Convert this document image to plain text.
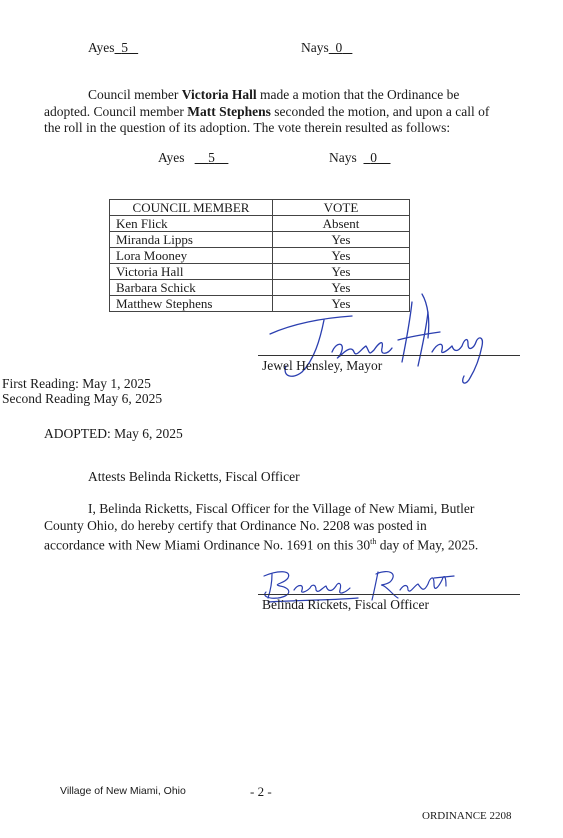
Ayes 5	Nays 0
Council member Victoria Hall made a motion that the Ordinance be
adopted. Council member Matt Stephens seconded the motion, and upon a call of
the roll in the question of its adoption. The vote therein resulted as follows:
Ayes 5	Nays 0
COUNCIL MEMBER	VOTE
Ken Flick	Absent
Miranda Lipps	Yes
Lora Mooney	Yes
Victoria Hall	Yes
Barbara Schick	Yes
Matthew Stephens	Yes
Jewel Hensley
Jewel Hensley, Mayor
First Reading: May 1, 2025
Second Reading May 6, 2025
ADOPTED: May 6, 2025
Attests Belinda Ricketts, Fiscal Officer
I, Belinda Ricketts, Fiscal Officer for the Village of New Miami, Butler
County Ohio, do hereby certify that Ordinance No. 2208 was posted in
accordance with New Miami Ordinance No. 1691 on this 30th day of May, 2025.
Belinda Ricketts
Belinda Rickets, Fiscal Officer
Village of New Miami, Ohio	- 2 -
ORDINANCE 2208
